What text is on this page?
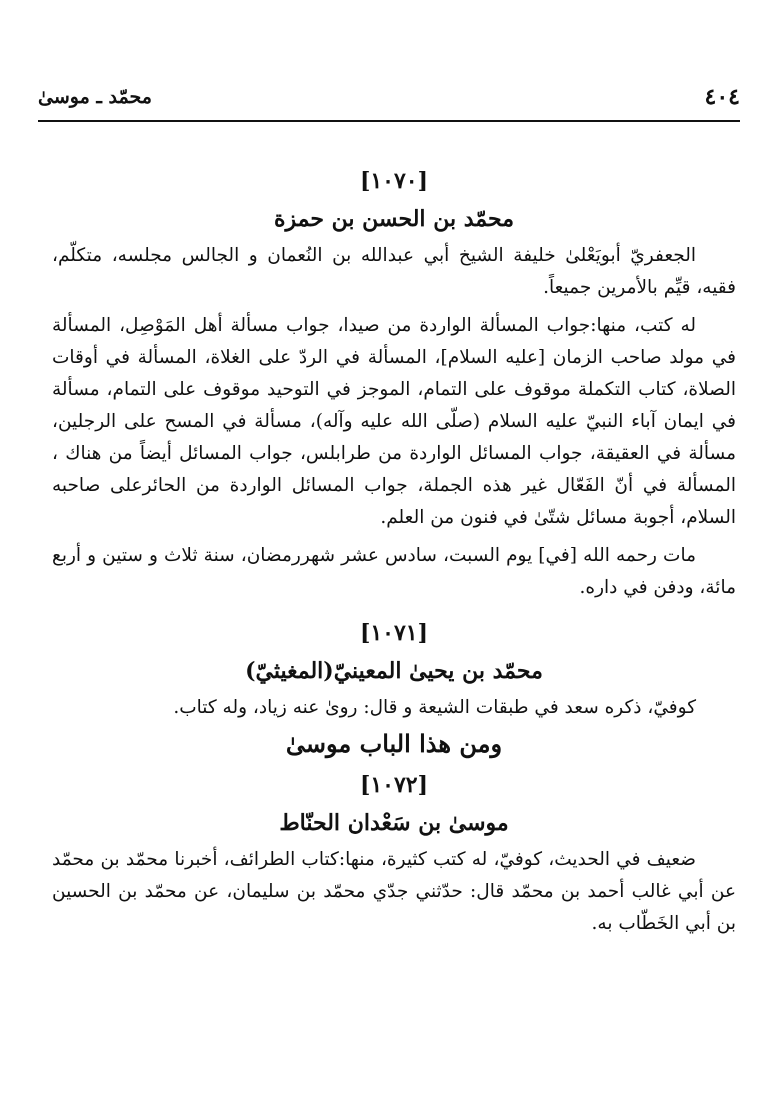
٤٠٤
محمّد ـ موسىٰ
[١٠٧٠]
محمّد بن الحسن بن حمزة

الجعفريّ أبويَعْلىٰ خليفة الشيخ أبي عبدالله بن النُعمان و الجالس مجلسه، متكلّم، فقيه، قيِّم بالأمرين جميعاً.

له كتب، منها:جواب المسألة الواردة من صيدا، جواب مسألة أهل المَوْصِل، المسألة في مولد صاحب الزمان [عليه السلام]، المسألة في الردّ على الغلاة، المسألة في أوقات الصلاة، كتاب التكملة موقوف على التمام، الموجز في التوحيد موقوف على التمام، مسألة في ايمان آباء النبيّ عليه السلام (صلّى الله عليه وآله)، مسألة في المسح على الرجلين، مسألة في العقيقة، جواب المسائل الواردة من طرابلس، جواب المسائل أيضاً من هناك ، المسألة في أنّ الفَعّال غير هذه الجملة، جواب المسائل الواردة من الحائرعلى صاحبه السلام، أجوبة مسائل شتّىٰ في فنون من العلم.

مات رحمه الله [في] يوم السبت، سادس عشر شهررمضان، سنة ثلاث و ستين و أربع مائة، ودفن في داره.

[١٠٧١]
محمّد بن يحيىٰ المعينيّ(المغيثيّ)

كوفيّ، ذكره سعد في طبقات الشيعة و قال: روىٰ عنه زياد، وله كتاب.

ومن هذا الباب موسىٰ
[١٠٧٢]
موسىٰ بن سَعْدان الحنّاط

ضعيف في الحديث، كوفيّ، له كتب كثيرة، منها:كتاب الطرائف، أخبرنا محمّد بن محمّد عن أبي غالب أحمد بن محمّد قال: حدّثني جدّي محمّد بن سليمان، عن محمّد بن الحسين بن أبي الخَطّاب به.
